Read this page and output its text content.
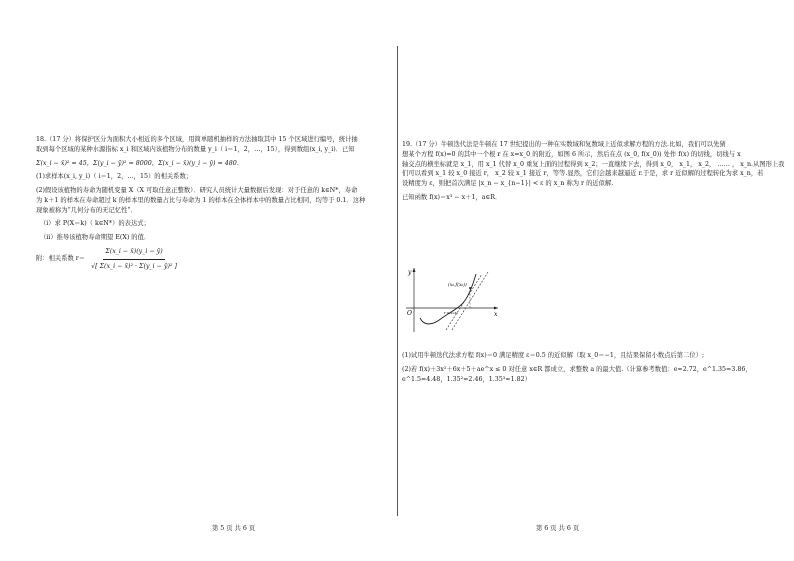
18.（17 分）将保护区分为面积大小相近的多个区域，用简单随机抽样的方法抽取其中 15 个区域进行编号，统计抽

取到每个区域的某种水源指标 x_i 和区域内该植物分布的数量 y_i（ i＝1，2，…，15），得到数组(x_i, y_i)．已知

Σ(x_i − x̄)² = 45，Σ(y_i − ȳ)² = 8000，Σ(x_i − x̄)(y_i − ȳ) = 480．

(1)求样本(x_i, y_i)（ i＝1，2，…，15）的相关系数；

(2)假设该植物的寿命为随机变量 X（X 可取任意正整数）．研究人员统计大量数据后发现：对于任意的 k∈N*，寿命

为 k＋1 的样本在寿命超过 k 的样本里的数量占比与寿命为 1 的样本在全体样本中的数量占比相同，均等于 0.1．这种

现象被称为“几何分布的无记忆性”．

（i）求 P(X＝k)（ k∈N*）的表达式；

（ii）推导该植物寿命期望 E(X) 的值．

附：相关系数 $r= \frac{\Sigma(x\_i - x̄)(y\_i - ȳ)}{\text{√[ Σ(x\_i − x̄)² · Σ(y\_i − ȳ)² ]}}$

19.（17 分）牛顿迭代法是牛顿在 17 世纪提出的一种在实数域和复数域上近似求解方程的方法.比如，我们可以先猜

想某个方程 f(x)=0 的其中一个根 r 在 x=x_0 的附近，如图 6 所示，然后在点 (x_0, f(x_0)) 处作 f(x) 的切线，切线与 x

轴交点的横坐标就是 x_1，用 x_1 代替 x_0 重复上面的过程得到 x_2；一直继续下去，得到 x_0， x_1， x_2， …… ， x_n.从图形上我

们可以看到 x_1 较 x_0 接近 r， x_2 较 x_1 接近 r，等等.显然，它们会越来越逼近 r.于是，求 r 近似解的过程转化为求 x_n，若

设精度为 ε，则把首次满足 |x_n − x_{n−1}| < ε 的 x_n 称为 r 的近似解.

已知函数 f(x)＝x³ − x＋1，a∈R．

y
x
O
(x₀,f(x₀))
r x₂x₁x₀

(1)试用牛顿迭代法求方程 f(x)＝0 满足精度 ε＝0.5 的近似解（取 x_0＝−1，且结果保留小数点后第二位）;

(2)若 f(x)＋3x²＋6x＋5＋ae^x ≤ 0 对任意 x∈R 都成立，求整数 a 的最大值.（计算参考数值：e≈2.72，e^1.35≈3.86，

e^1.5≈4.48，1.35²≈2.46，1.35³≈1.82）

第 5 页 共 6 页	第 6 页 共 6 页
